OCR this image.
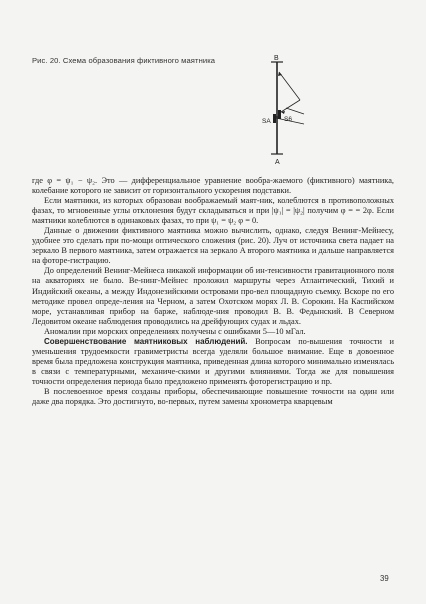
Рис. 20. Схема образования фиктивного маятника	B
S6
SA
A

где φ = ψ₁ − ψ₂. Это — дифференциальное уравнение вообра-жаемого (фиктивного) маятника, колебание которого не зависит от горизонтального ускорения подставки.

Если маятники, из которых образован воображаемый маят-ник, колеблются в противоположных фазах, то мгновенные углы отклонения будут складываться и при |ψ₁| = |ψ₂| получим φ = = 2φ. Если маятники колеблются в одинаковых фазах, то при ψ₁ = ψ₂ φ = 0.

Данные о движении фиктивного маятника можно вычислить, однако, следуя Венинг-Мейнесу, удобнее это сделать при по-мощи оптического сложения (рис. 20). Луч от источника света падает на зеркало B первого маятника, затем отражается на зеркало A второго маятника и дальше направляется на фоторе-гистрацию.

До определений Венинг-Мейнеса никакой информации об ин-тенсивности гравитационного поля на акваториях не было. Ве-нинг-Мейнес проложил маршруты через Атлантический, Тихий и Индийский океаны, а между Индонезийскими островами про-вел площадную съемку. Вскоре по его методике провел опреде-ления на Черном, а затем Охотском морях Л. В. Сорокин. На Каспийском море, устанавливая прибор на барже, наблюде-ния проводил В. В. Федынский. В Северном Ледовитом океане наблюдения проводились на дрейфующих судах и льдах.

Аномалии при морских определениях получены с ошибками 5—10 мГал.

Совершенствование маятниковых наблюдений. Вопросам по-вышения точности и уменьшения трудоемкости гравиметристы всегда уделяли большое внимание. Еще в довоенное время была предложена конструкция маятника, приведенная длина которого минимально изменялась в связи с температурными, механиче-скими и другими влияниями. Тогда же для повышения точности определения периода было предложено применять фоторегистрацию и пр.

В послевоенное время созданы приборы, обеспечивающие повышение точности на один или даже два порядка. Это достигнуто, во-первых, путем замены хронометра кварцевым

39
